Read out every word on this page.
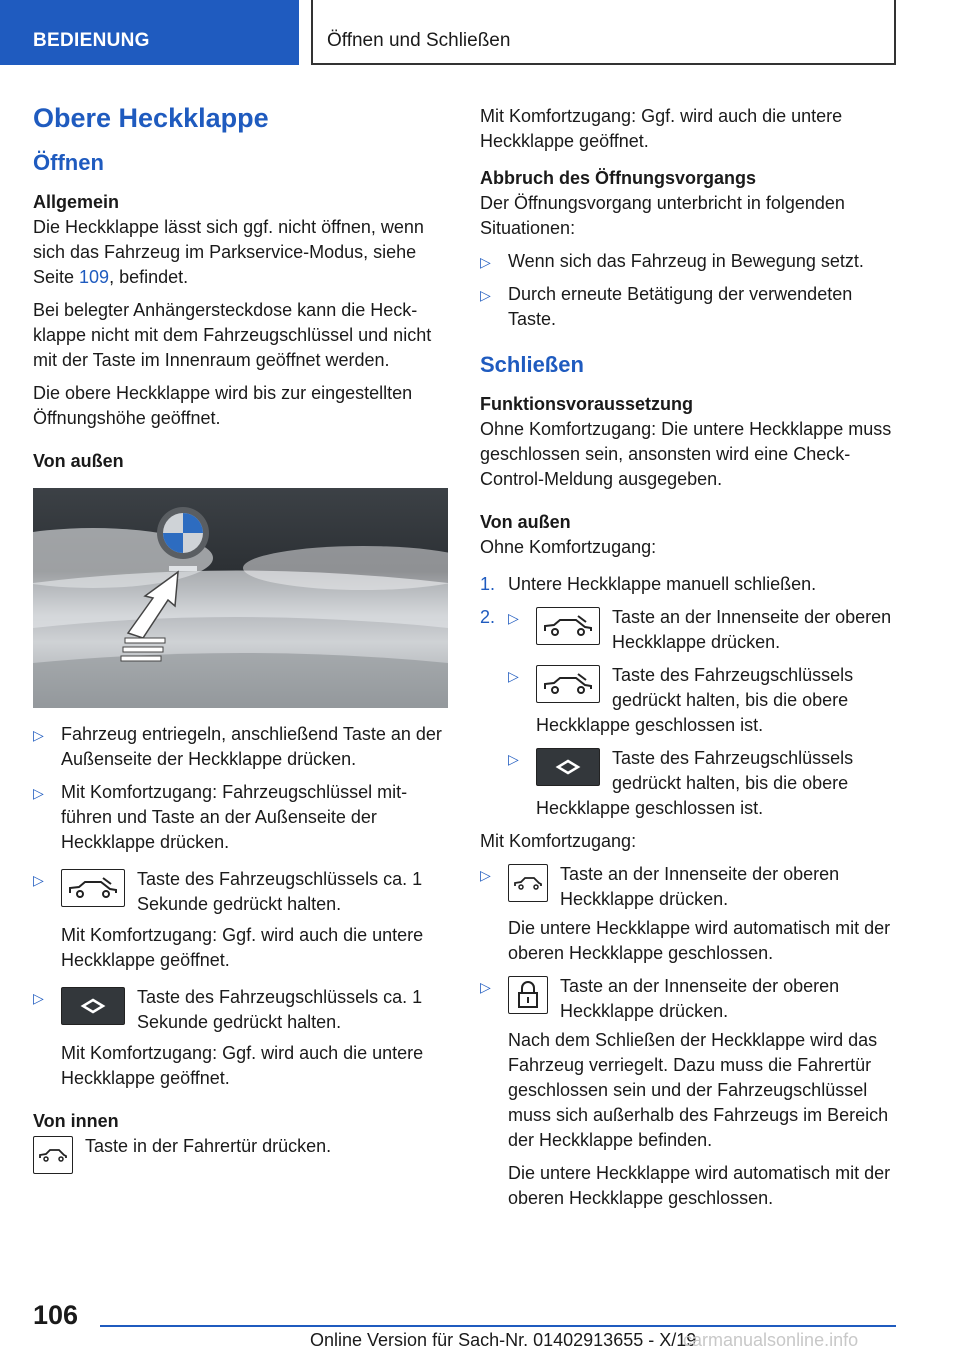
BEDIENUNG	Öffnen und Schließen
Obere Heckklappe
Öffnen
Allgemein

Die Heckklappe lässt sich ggf. nicht öffnen, wenn sich das Fahrzeug im Parkservice-Modus, siehe Seite 109, befindet.

Bei belegter Anhängersteckdose kann die Heckklappe nicht mit dem Fahrzeugschlüssel und nicht mit der Taste im Innenraum geöffnet werden.

Die obere Heckklappe wird bis zur eingestellten Öffnungshöhe geöffnet.

Von außen
▷ Fahrzeug entriegeln, anschließend Taste an der Außenseite der Heckklappe drücken.
▷ Mit Komfortzugang: Fahrzeugschlüssel mitführen und Taste an der Außenseite der Heckklappe drücken.
▷	Taste des Fahrzeugschlüssels ca. 1 Sekunde gedrückt halten.

Mit Komfortzugang: Ggf. wird auch die untere Heckklappe geöffnet.

▷	Taste des Fahrzeugschlüssels ca. 1 Sekunde gedrückt halten.

Mit Komfortzugang: Ggf. wird auch die untere Heckklappe geöffnet.

Von innen

Taste in der Fahrertür drücken.

Mit Komfortzugang: Ggf. wird auch die untere Heckklappe geöffnet.

Abbruch des Öffnungsvorgangs

Der Öffnungsvorgang unterbricht in folgenden Situationen:

▷ Wenn sich das Fahrzeug in Bewegung setzt.
▷ Durch erneute Betätigung der verwendeten Taste.
Schließen
Funktionsvoraussetzung

Ohne Komfortzugang: Die untere Heckklappe muss geschlossen sein, ansonsten wird eine Check-Control-Meldung ausgegeben.

Von außen

Ohne Komfortzugang:

1. Untere Heckklappe manuell schließen.
2. ▷	Taste an der Innenseite der oberen Heckklappe drücken.

▷	Taste des Fahrzeugschlüssels gedrückt halten, bis die obere Heckklappe geschlossen ist.

▷	Taste des Fahrzeugschlüssels gedrückt halten, bis die obere Heckklappe geschlossen ist.

Mit Komfortzugang:

▷	Taste an der Innenseite der oberen Heckklappe drücken.

Die untere Heckklappe wird automatisch mit der oberen Heckklappe geschlossen.

▷	Taste an der Innenseite der oberen Heckklappe drücken.

Nach dem Schließen der Heckklappe wird das Fahrzeug verriegelt. Dazu muss die Fahrertür geschlossen sein und der Fahrzeugschlüssel muss sich außerhalb des Fahrzeugs im Bereich der Heckklappe befinden.

Die untere Heckklappe wird automatisch mit der oberen Heckklappe geschlossen.

106
Online Version für Sach-Nr. 01402913655 - X/19
carmanualsonline.info
